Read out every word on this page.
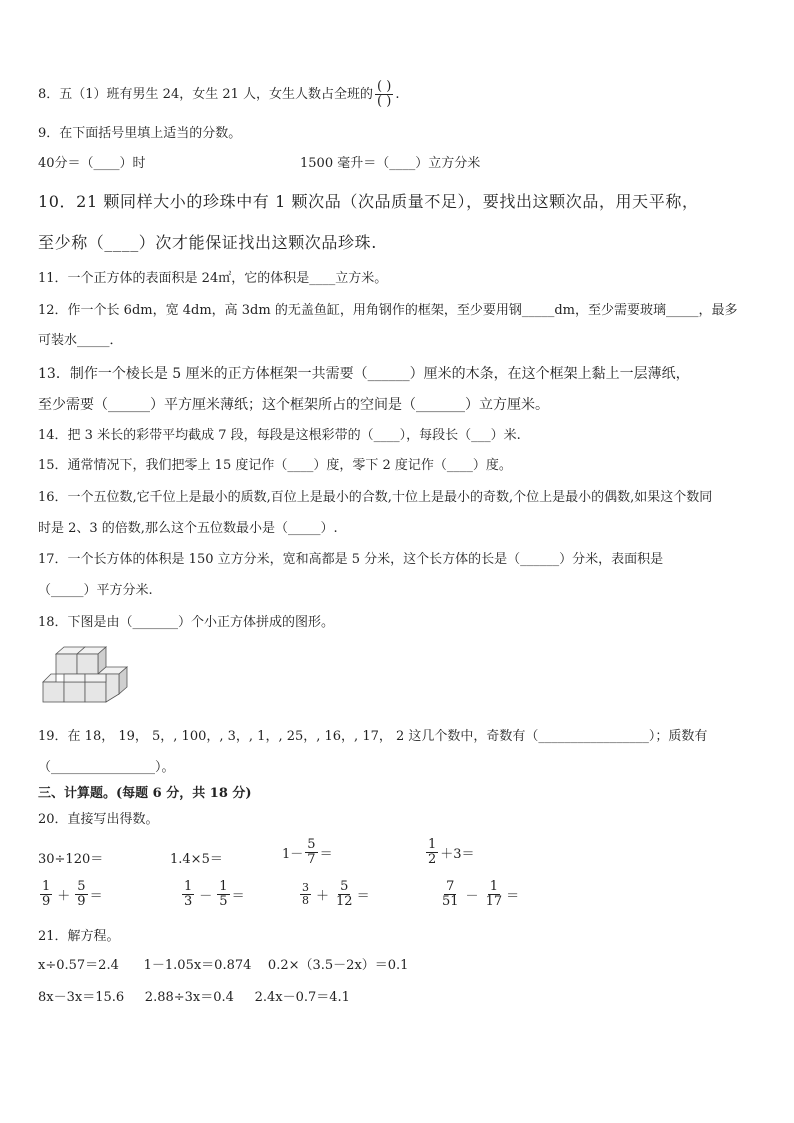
8．五（1）班有男生 24，女生 21 人，女生人数占全班的 $\frac{( )}{( )}$ .
9．在下面括号里填上适当的分数。
40分＝（____）时	1500 毫升＝（____）立方分米
10．21 颗同样大小的珍珠中有 1 颗次品（次品质量不足），要找出这颗次品，用天平称，
至少称（____）次才能保证找出这颗次品珍珠.
11．一个正方体的表面积是 24㎡，它的体积是____立方米。
12．作一个长 6dm，宽 4dm，高 3dm 的无盖鱼缸，用角钢作的框架，至少要用钢_____dm，至少需要玻璃_____，最多
可装水_____．
13．制作一个棱长是 5 厘米的正方体框架一共需要（______）厘米的木条，在这个框架上黏上一层薄纸，
至少需要（______）平方厘米薄纸；这个框架所占的空间是（_______）立方厘米。
14．把 3 米长的彩带平均截成 7 段，每段是这根彩带的（____），每段长（___）米.
15．通常情况下，我们把零上 15 度记作（____）度，零下 2 度记作（____）度。
16．一个五位数,它千位上是最小的质数,百位上是最小的合数,十位上是最小的奇数,个位上是最小的偶数,如果这个数同
时是 2、3 的倍数,那么这个五位数最小是（_____）.
17．一个长方体的体积是 150 立方分米，宽和高都是 5 分米，这个长方体的长是（______）分米，表面积是
（_____）平方分米.
18．下图是由（_______）个小正方体拼成的图形。
19．在 18， 19， 5，, 100，, 3，, 1，, 25，, 16，, 17， 2 这几个数中，奇数有（_________________）；质数有
（________________）。
三、计算题。(每题 6 分，共 18 分)
20．直接写出得数。
30÷120＝	1.4×5＝	$1- \frac{5}{7}$ ＝	$\frac{1}{2} +3=$
$\frac{1}{9} + \frac{5}{9}$ ＝	$\frac{1}{3} - \frac{1}{5}$ ＝	$\frac{3}{8} + \frac{5}{12}$ ＝	$\frac{7}{51} - \frac{1}{17}$ ＝
21．解方程。
x÷0.57＝2.4      1－1.05x＝0.874    0.2×（3.5－2x）＝0.1
8x－3x＝15.6     2.88÷3x＝0.4     2.4x－0.7＝4.1
